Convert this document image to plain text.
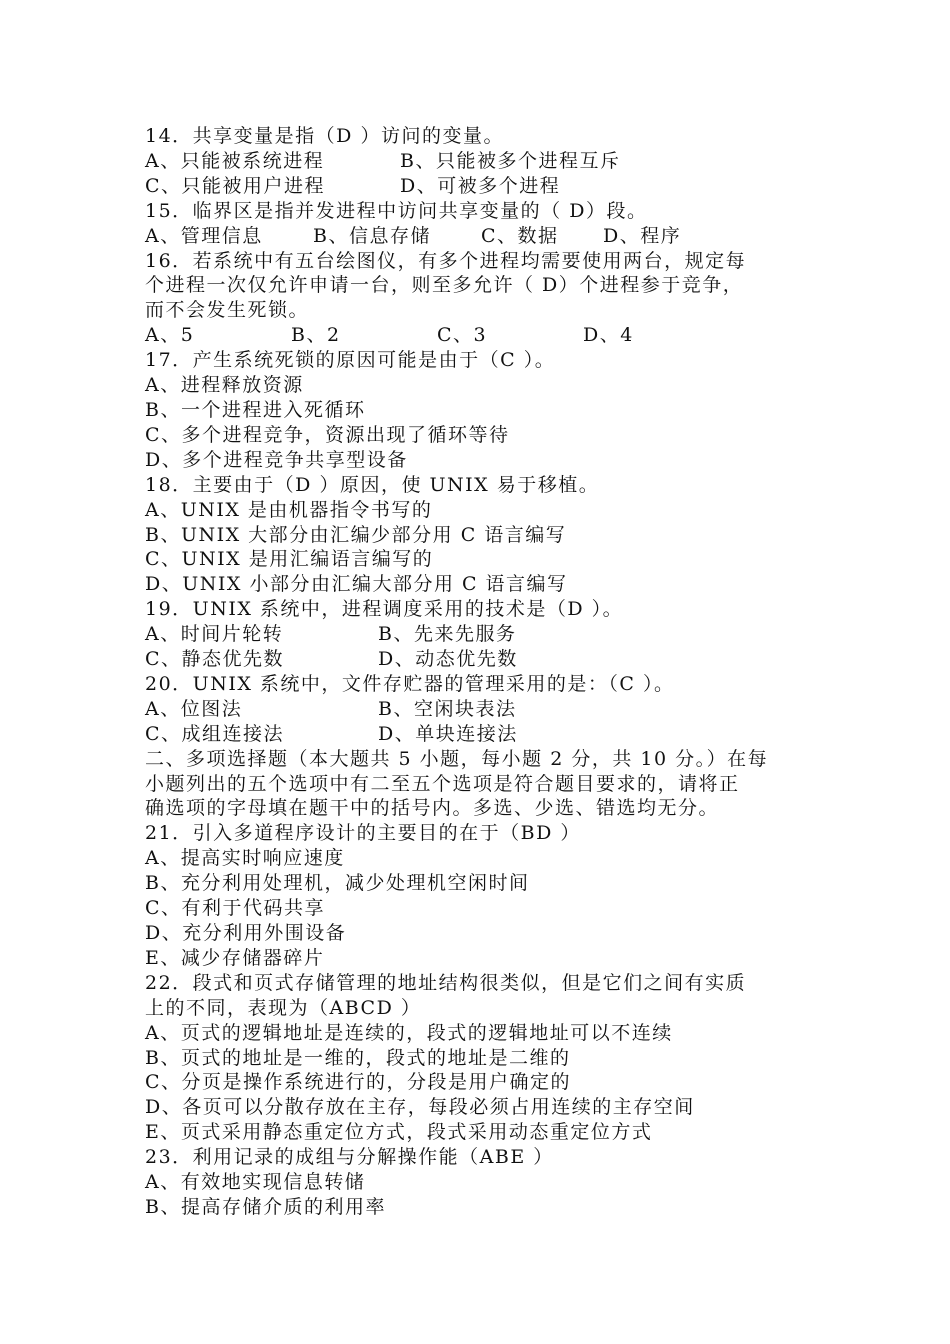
14．共享变量是指（D ）访问的变量。
A、只能被系统进程	B、只能被多个进程互斥
C、只能被用户进程	D、可被多个进程
15．临界区是指并发进程中访问共享变量的（ D）段。
A、管理信息	B、信息存储	C、数据	D、程序
16．若系统中有五台绘图仪，有多个进程均需要使用两台，规定每
个进程一次仅允许申请一台，则至多允许（ D）个进程参于竞争，
而不会发生死锁。
A、5	B、2	C、3	D、4
17．产生系统死锁的原因可能是由于（C ）。
A、进程释放资源
B、一个进程进入死循环
C、多个进程竞争，资源出现了循环等待
D、多个进程竞争共享型设备
18．主要由于（D ）原因，使 UNIX 易于移植。
A、UNIX 是由机器指令书写的
B、UNIX 大部分由汇编少部分用 C 语言编写
C、UNIX 是用汇编语言编写的
D、UNIX 小部分由汇编大部分用 C 语言编写
19．UNIX 系统中，进程调度采用的技术是（D ）。
A、时间片轮转	B、先来先服务
C、静态优先数	D、动态优先数
20．UNIX 系统中，文件存贮器的管理采用的是：（C ）。
A、位图法	B、空闲块表法
C、成组连接法	D、单块连接法
二、多项选择题（本大题共 5 小题，每小题 2 分，共 10 分。）在每
小题列出的五个选项中有二至五个选项是符合题目要求的，请将正
确选项的字母填在题干中的括号内。多选、少选、错选均无分。
21．引入多道程序设计的主要目的在于（BD ）
A、提高实时响应速度
B、充分利用处理机，减少处理机空闲时间
C、有利于代码共享
D、充分利用外围设备
E、减少存储器碎片
22．段式和页式存储管理的地址结构很类似，但是它们之间有实质
上的不同，表现为（ABCD ）
A、页式的逻辑地址是连续的，段式的逻辑地址可以不连续
B、页式的地址是一维的，段式的地址是二维的
C、分页是操作系统进行的，分段是用户确定的
D、各页可以分散存放在主存，每段必须占用连续的主存空间
E、页式采用静态重定位方式，段式采用动态重定位方式
23．利用记录的成组与分解操作能（ABE ）
A、有效地实现信息转储
B、提高存储介质的利用率
